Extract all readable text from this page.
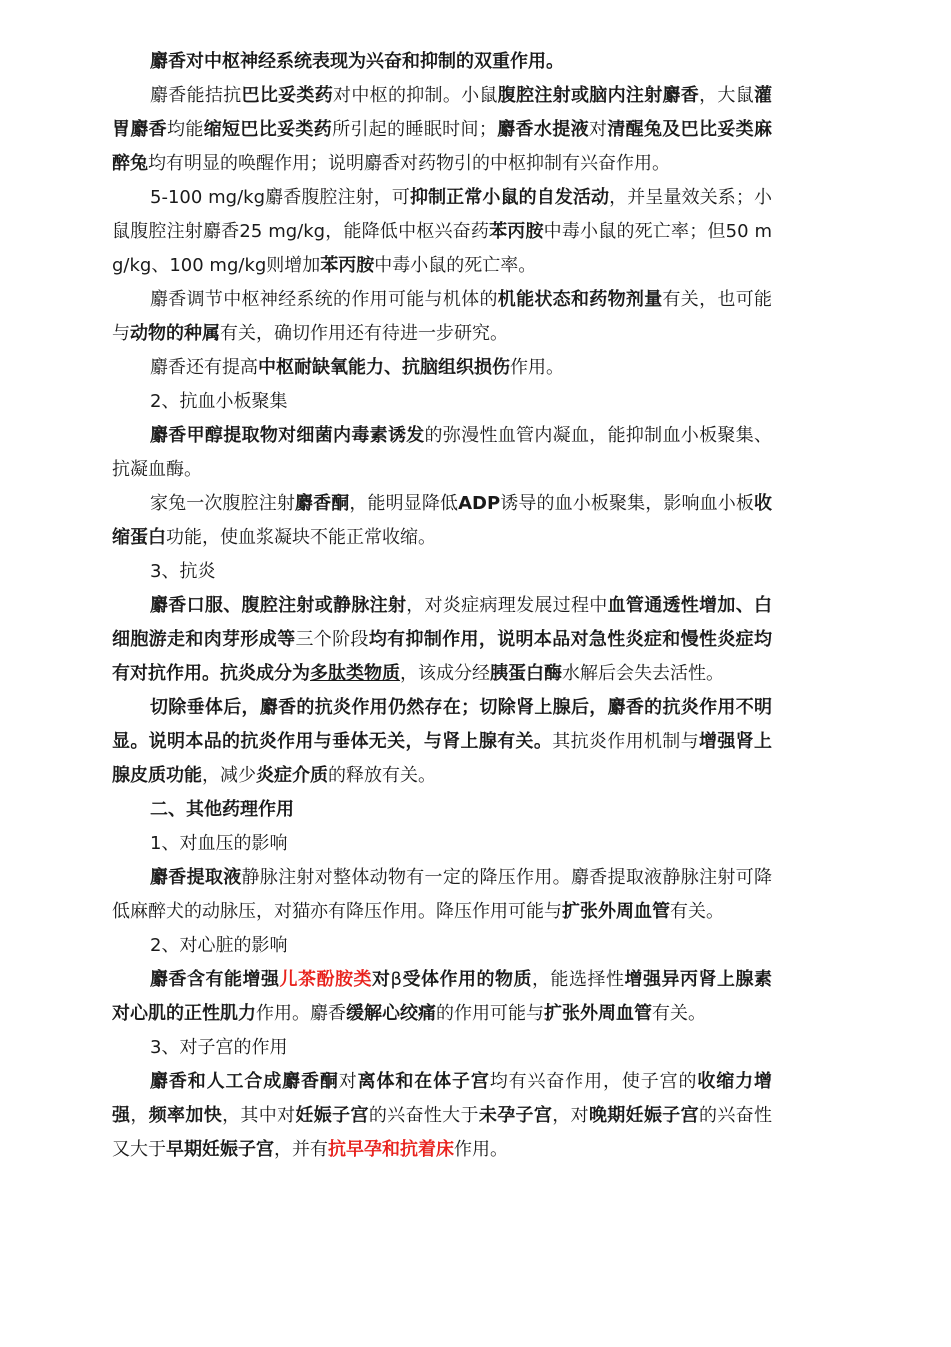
麝香对中枢神经系统表现为兴奋和抑制的双重作用。

麝香能拮抗巴比妥类药对中枢的抑制。小鼠腹腔注射或脑内注射麝香，大鼠灌胃麝香均能缩短巴比妥类药所引起的睡眠时间；麝香水提液对清醒兔及巴比妥类麻醉兔均有明显的唤醒作用；说明麝香对药物引的中枢抑制有兴奋作用。

5-100 mg/kg麝香腹腔注射，可抑制正常小鼠的自发活动，并呈量效关系；小鼠腹腔注射麝香25 mg/kg，能降低中枢兴奋药苯丙胺中毒小鼠的死亡率；但50 mg/kg、100 mg/kg则增加苯丙胺中毒小鼠的死亡率。

麝香调节中枢神经系统的作用可能与机体的机能状态和药物剂量有关，也可能与动物的种属有关，确切作用还有待进一步研究。

麝香还有提高中枢耐缺氧能力、抗脑组织损伤作用。

2、抗血小板聚集

麝香甲醇提取物对细菌内毒素诱发的弥漫性血管内凝血，能抑制血小板聚集、抗凝血酶。

家兔一次腹腔注射麝香酮，能明显降低ADP诱导的血小板聚集，影响血小板收缩蛋白功能，使血浆凝块不能正常收缩。

3、抗炎

麝香口服、腹腔注射或静脉注射，对炎症病理发展过程中血管通透性增加、白细胞游走和肉芽形成等三个阶段均有抑制作用，说明本品对急性炎症和慢性炎症均有对抗作用。抗炎成分为多肽类物质，该成分经胰蛋白酶水解后会失去活性。

切除垂体后，麝香的抗炎作用仍然存在；切除肾上腺后，麝香的抗炎作用不明显。说明本品的抗炎作用与垂体无关，与肾上腺有关。其抗炎作用机制与增强肾上腺皮质功能，减少炎症介质的释放有关。

二、其他药理作用

1、对血压的影响

麝香提取液静脉注射对整体动物有一定的降压作用。麝香提取液静脉注射可降低麻醉犬的动脉压，对猫亦有降压作用。降压作用可能与扩张外周血管有关。

2、对心脏的影响

麝香含有能增强儿茶酚胺类对β受体作用的物质，能选择性增强异丙肾上腺素对心肌的正性肌力作用。麝香缓解心绞痛的作用可能与扩张外周血管有关。

3、对子宫的作用

麝香和人工合成麝香酮对离体和在体子宫均有兴奋作用，使子宫的收缩力增强，频率加快，其中对妊娠子宫的兴奋性大于未孕子宫，对晚期妊娠子宫的兴奋性又大于早期妊娠子宫，并有抗早孕和抗着床作用。
